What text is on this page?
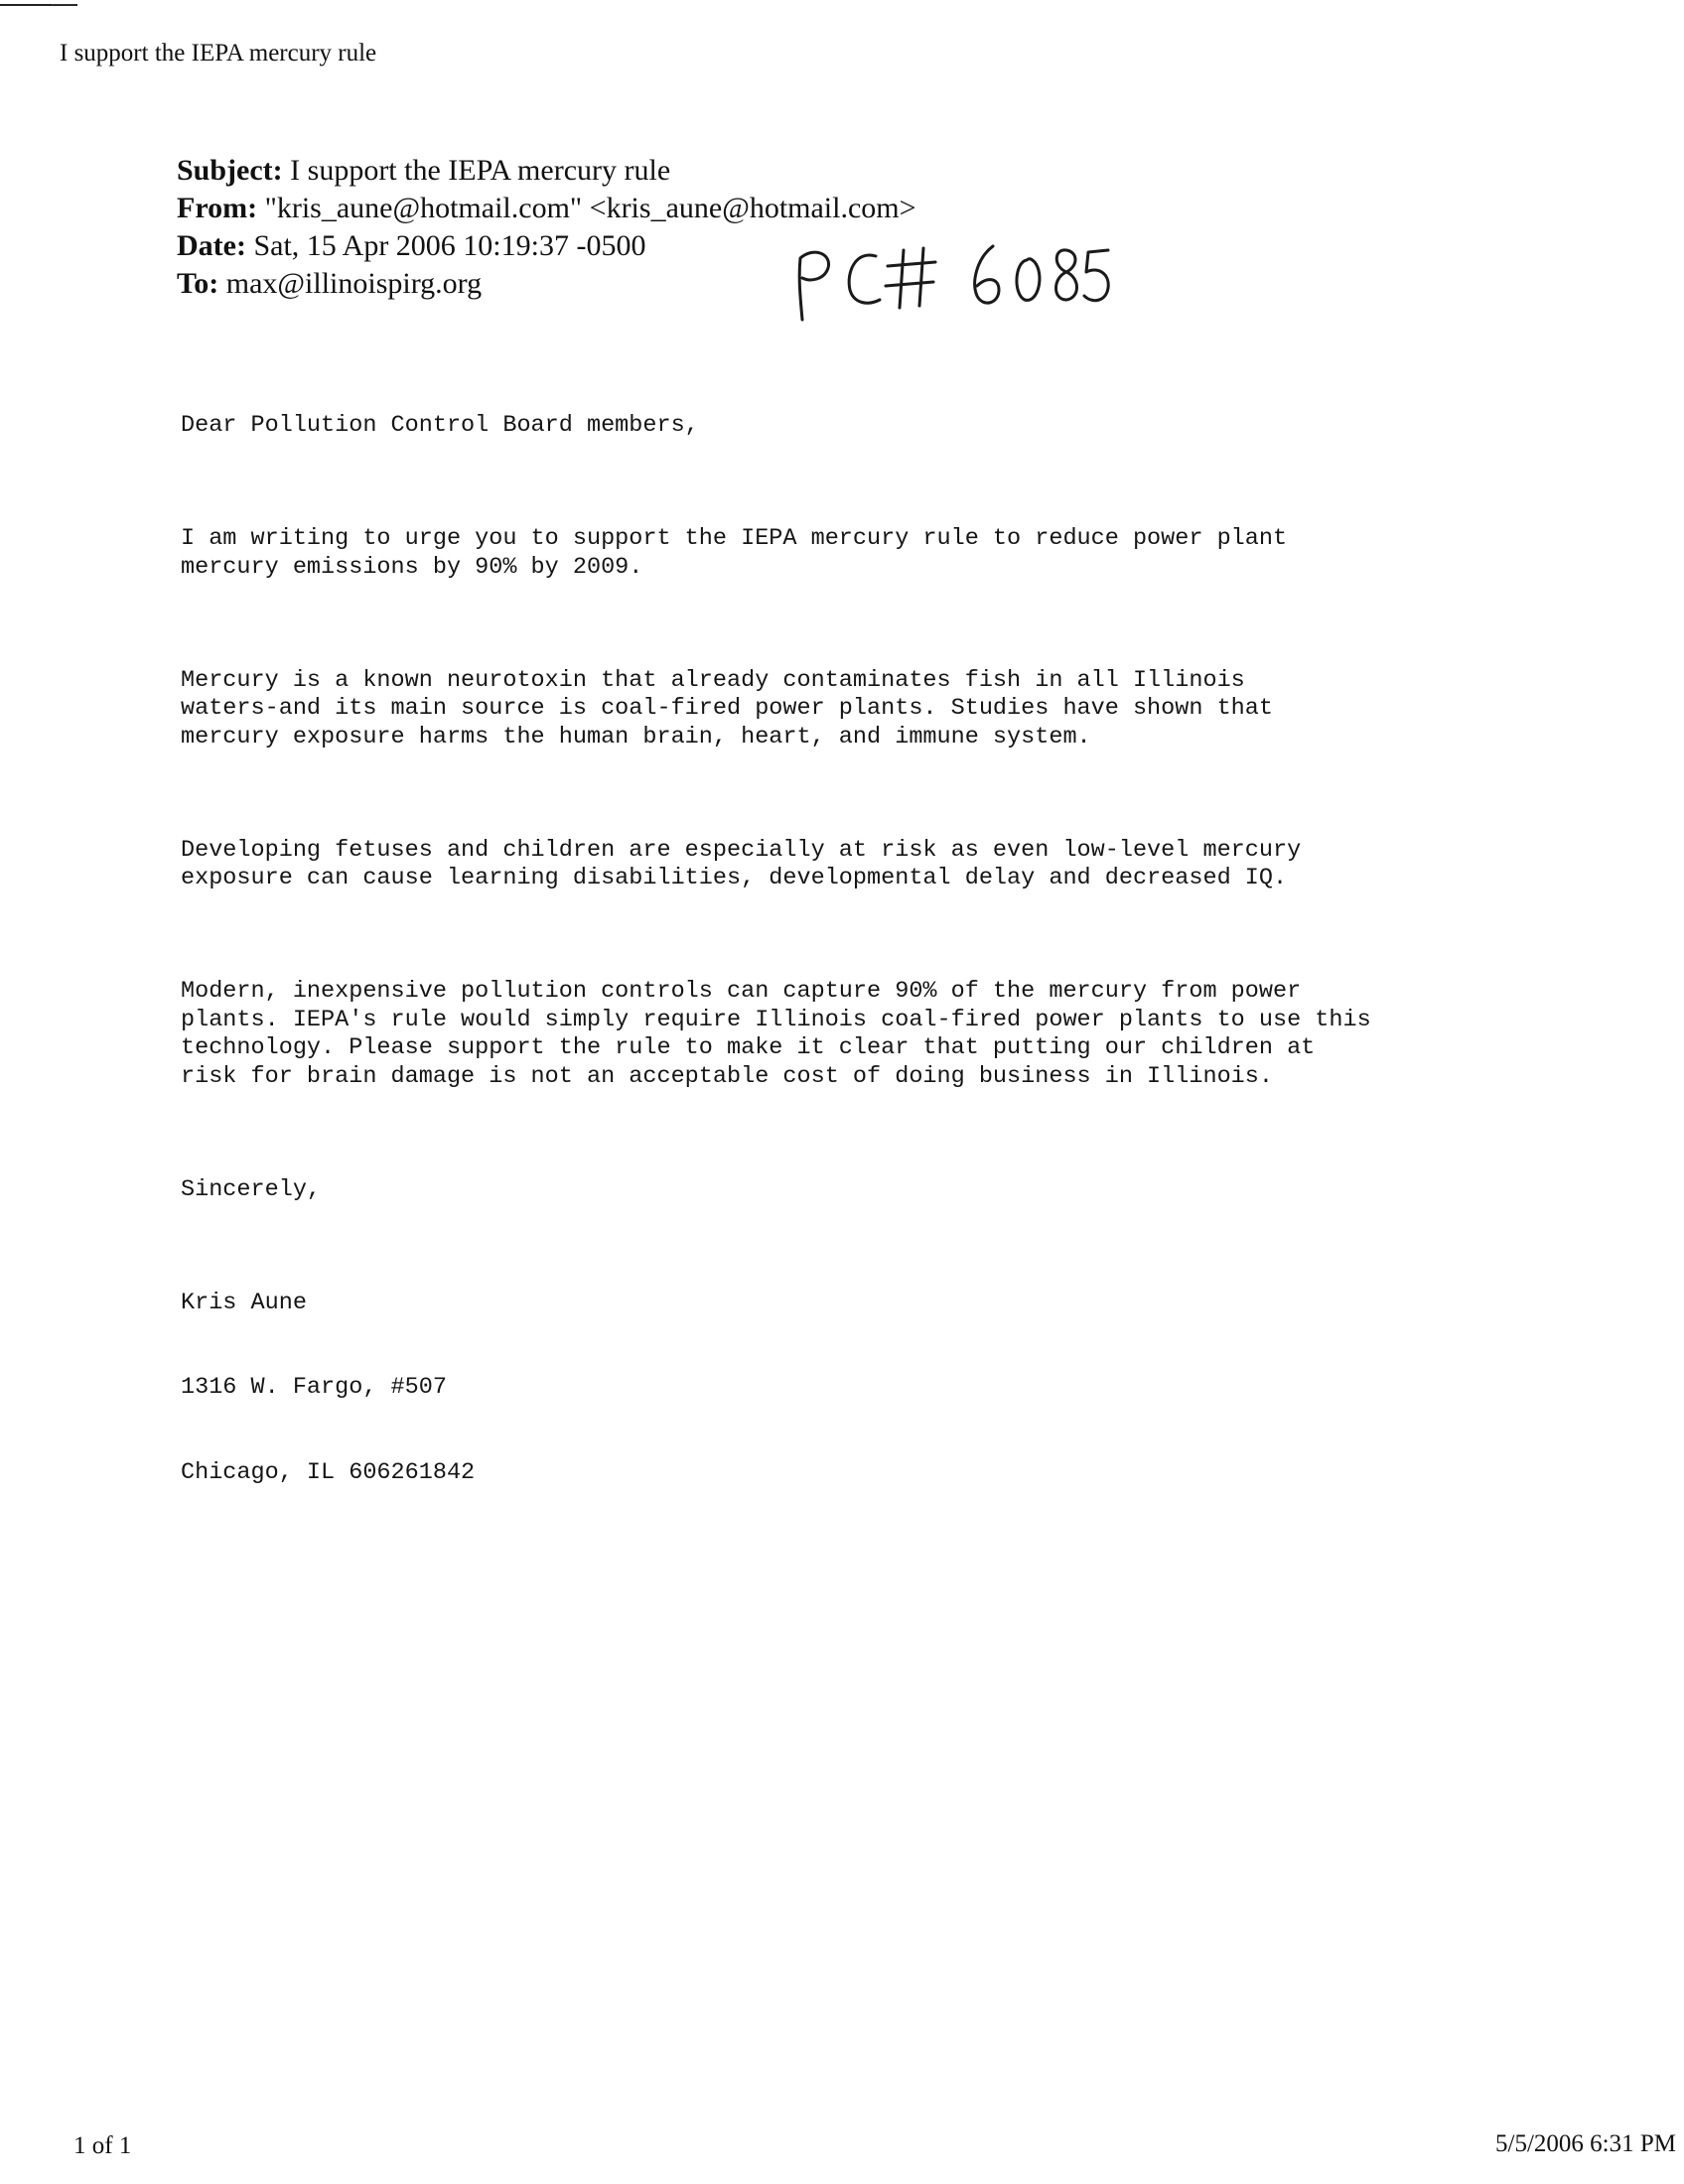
I support the IEPA mercury rule
Subject: I support the IEPA mercury rule
From: "kris_aune@hotmail.com" <kris_aune@hotmail.com>
Date: Sat, 15 Apr 2006 10:19:37 -0500
To: max@illinoispirg.org

Dear Pollution Control Board members,

I am writing to urge you to support the IEPA mercury rule to reduce power plant
mercury emissions by 90% by 2009.

Mercury is a known neurotoxin that already contaminates fish in all Illinois
waters-and its main source is coal-fired power plants. Studies have shown that
mercury exposure harms the human brain, heart, and immune system.

Developing fetuses and children are especially at risk as even low-level mercury
exposure can cause learning disabilities, developmental delay and decreased IQ.

Modern, inexpensive pollution controls can capture 90% of the mercury from power
plants. IEPA's rule would simply require Illinois coal-fired power plants to use this
technology. Please support the rule to make it clear that putting our children at
risk for brain damage is not an acceptable cost of doing business in Illinois.

Sincerely,

Kris Aune

1316 W. Fargo, #507

Chicago, IL 606261842

1 of 1	5/5/2006 6:31 PM
